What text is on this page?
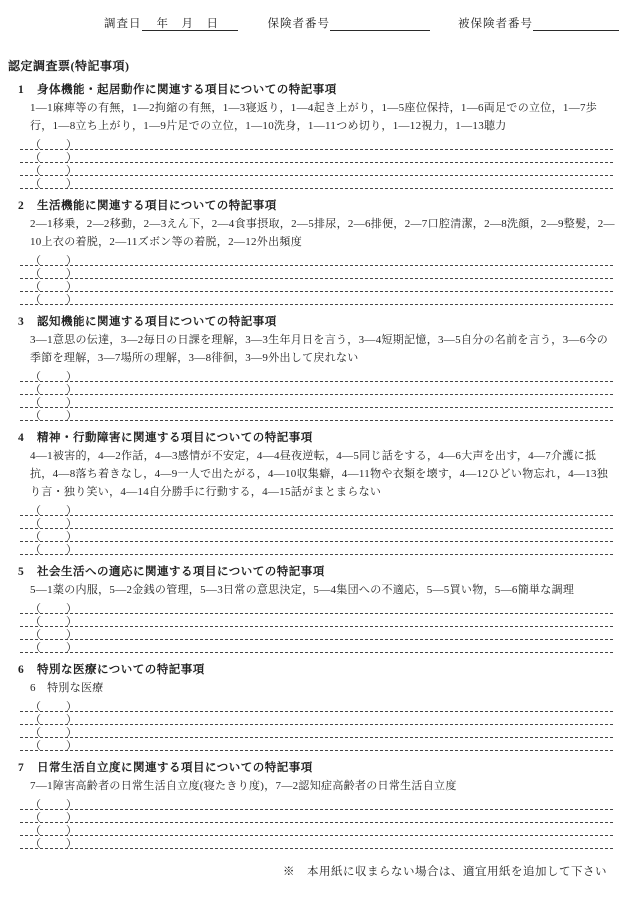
調査日	年　月　日	保険者番号	被保険者番号
認定調査票(特記事項)
1 身体機能・起居動作に関連する項目についての特記事項
1—1麻痺等の有無，1—2拘縮の有無，1—3寝返り，1—4起き上がり，1—5座位保持，1—6両足での立位，1—7歩行，1—8立ち上がり，1—9片足での立位，1—10洗身，1—11つめ切り，1—12視力，1—13聴力
（　　）
（　　）
（　　）
（　　）
2 生活機能に関連する項目についての特記事項
2—1移乗，2—2移動，2—3えん下，2—4食事摂取，2—5排尿，2—6排便，2—7口腔清潔，2—8洗顔，2—9整髪，2—10上衣の着脱，2—11ズボン等の着脱，2—12外出頻度
（　　）
（　　）
（　　）
（　　）
3 認知機能に関連する項目についての特記事項
3—1意思の伝達，3—2毎日の日課を理解，3—3生年月日を言う，3—4短期記憶，3—5自分の名前を言う，3—6今の季節を理解，3—7場所の理解，3—8徘徊，3—9外出して戻れない
（　　）
（　　）
（　　）
（　　）
4 精神・行動障害に関連する項目についての特記事項
4—1被害的，4—2作話，4—3感情が不安定，4—4昼夜逆転，4—5同じ話をする，4—6大声を出す，4—7介護に抵抗，4—8落ち着きなし，4—9一人で出たがる，4—10収集癖，4—11物や衣類を壊す，4—12ひどい物忘れ，4—13独り言・独り笑い，4—14自分勝手に行動する，4—15話がまとまらない
（　　）
（　　）
（　　）
（　　）
5 社会生活への適応に関連する項目についての特記事項
5—1薬の内服，5—2金銭の管理，5—3日常の意思決定，5—4集団への不適応，5—5買い物，5—6簡単な調理
（　　）
（　　）
（　　）
（　　）
6 特別な医療についての特記事項
6　特別な医療
（　　）
（　　）
（　　）
（　　）
7 日常生活自立度に関連する項目についての特記事項
7—1障害高齢者の日常生活自立度(寝たきり度)，7—2認知症高齢者の日常生活自立度
（　　）
（　　）
（　　）
（　　）
※　本用紙に収まらない場合は、適宜用紙を追加して下さい
